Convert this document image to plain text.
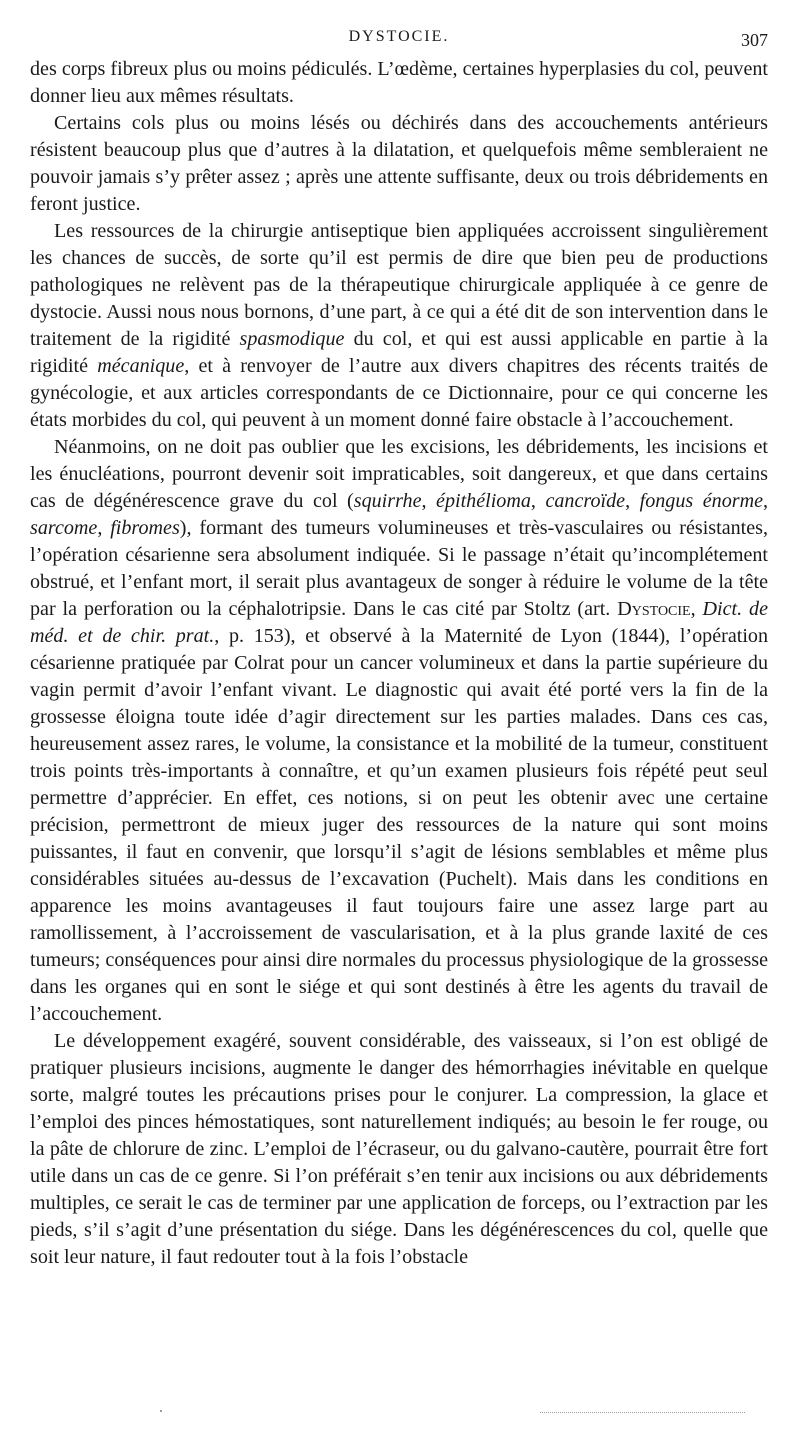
DYSTOCIE.	307

des corps fibreux plus ou moins pédiculés. L’œdème, certaines hyperplasies du col, peuvent donner lieu aux mêmes résultats.

Certains cols plus ou moins lésés ou déchirés dans des accouchements antérieurs résistent beaucoup plus que d’autres à la dilatation, et quelquefois même sembleraient ne pouvoir jamais s’y prêter assez ; après une attente suffisante, deux ou trois débridements en feront justice.

Les ressources de la chirurgie antiseptique bien appliquées accroissent singulièrement les chances de succès, de sorte qu’il est permis de dire que bien peu de productions pathologiques ne relèvent pas de la thérapeutique chirurgicale appliquée à ce genre de dystocie. Aussi nous nous bornons, d’une part, à ce qui a été dit de son intervention dans le traitement de la rigidité spasmodique du col, et qui est aussi applicable en partie à la rigidité mécanique, et à renvoyer de l’autre aux divers chapitres des récents traités de gynécologie, et aux articles correspondants de ce Dictionnaire, pour ce qui concerne les états morbides du col, qui peuvent à un moment donné faire obstacle à l’accouchement.

Néanmoins, on ne doit pas oublier que les excisions, les débridements, les incisions et les énucléations, pourront devenir soit impraticables, soit dangereux, et que dans certains cas de dégénérescence grave du col (squirrhe, épithélioma, cancroïde, fongus énorme, sarcome, fibromes), formant des tumeurs volumineuses et très-vasculaires ou résistantes, l’opération césarienne sera absolument indiquée. Si le passage n’était qu’incomplétement obstrué, et l’enfant mort, il serait plus avantageux de songer à réduire le volume de la tête par la perforation ou la céphalotripsie. Dans le cas cité par Stoltz (art. Dystocie, Dict. de méd. et de chir. prat., p. 153), et observé à la Maternité de Lyon (1844), l’opération césarienne pratiquée par Colrat pour un cancer volumineux et dans la partie supérieure du vagin permit d’avoir l’enfant vivant. Le diagnostic qui avait été porté vers la fin de la grossesse éloigna toute idée d’agir directement sur les parties malades. Dans ces cas, heureusement assez rares, le volume, la consistance et la mobilité de la tumeur, constituent trois points très-importants à connaître, et qu’un examen plusieurs fois répété peut seul permettre d’apprécier. En effet, ces notions, si on peut les obtenir avec une certaine précision, permettront de mieux juger des ressources de la nature qui sont moins puissantes, il faut en convenir, que lorsqu’il s’agit de lésions semblables et même plus considérables situées au-dessus de l’excavation (Puchelt). Mais dans les conditions en apparence les moins avantageuses il faut toujours faire une assez large part au ramollissement, à l’accroissement de vascularisation, et à la plus grande laxité de ces tumeurs; conséquences pour ainsi dire normales du processus physiologique de la grossesse dans les organes qui en sont le siége et qui sont destinés à être les agents du travail de l’accouchement.

Le développement exagéré, souvent considérable, des vaisseaux, si l’on est obligé de pratiquer plusieurs incisions, augmente le danger des hémorrhagies inévitable en quelque sorte, malgré toutes les précautions prises pour le conjurer. La compression, la glace et l’emploi des pinces hémostatiques, sont naturellement indiqués; au besoin le fer rouge, ou la pâte de chlorure de zinc. L’emploi de l’écraseur, ou du galvano-cautère, pourrait être fort utile dans un cas de ce genre. Si l’on préférait s’en tenir aux incisions ou aux débridements multiples, ce serait le cas de terminer par une application de forceps, ou l’extraction par les pieds, s’il s’agit d’une présentation du siége. Dans les dégénérescences du col, quelle que soit leur nature, il faut redouter tout à la fois l’obstacle
